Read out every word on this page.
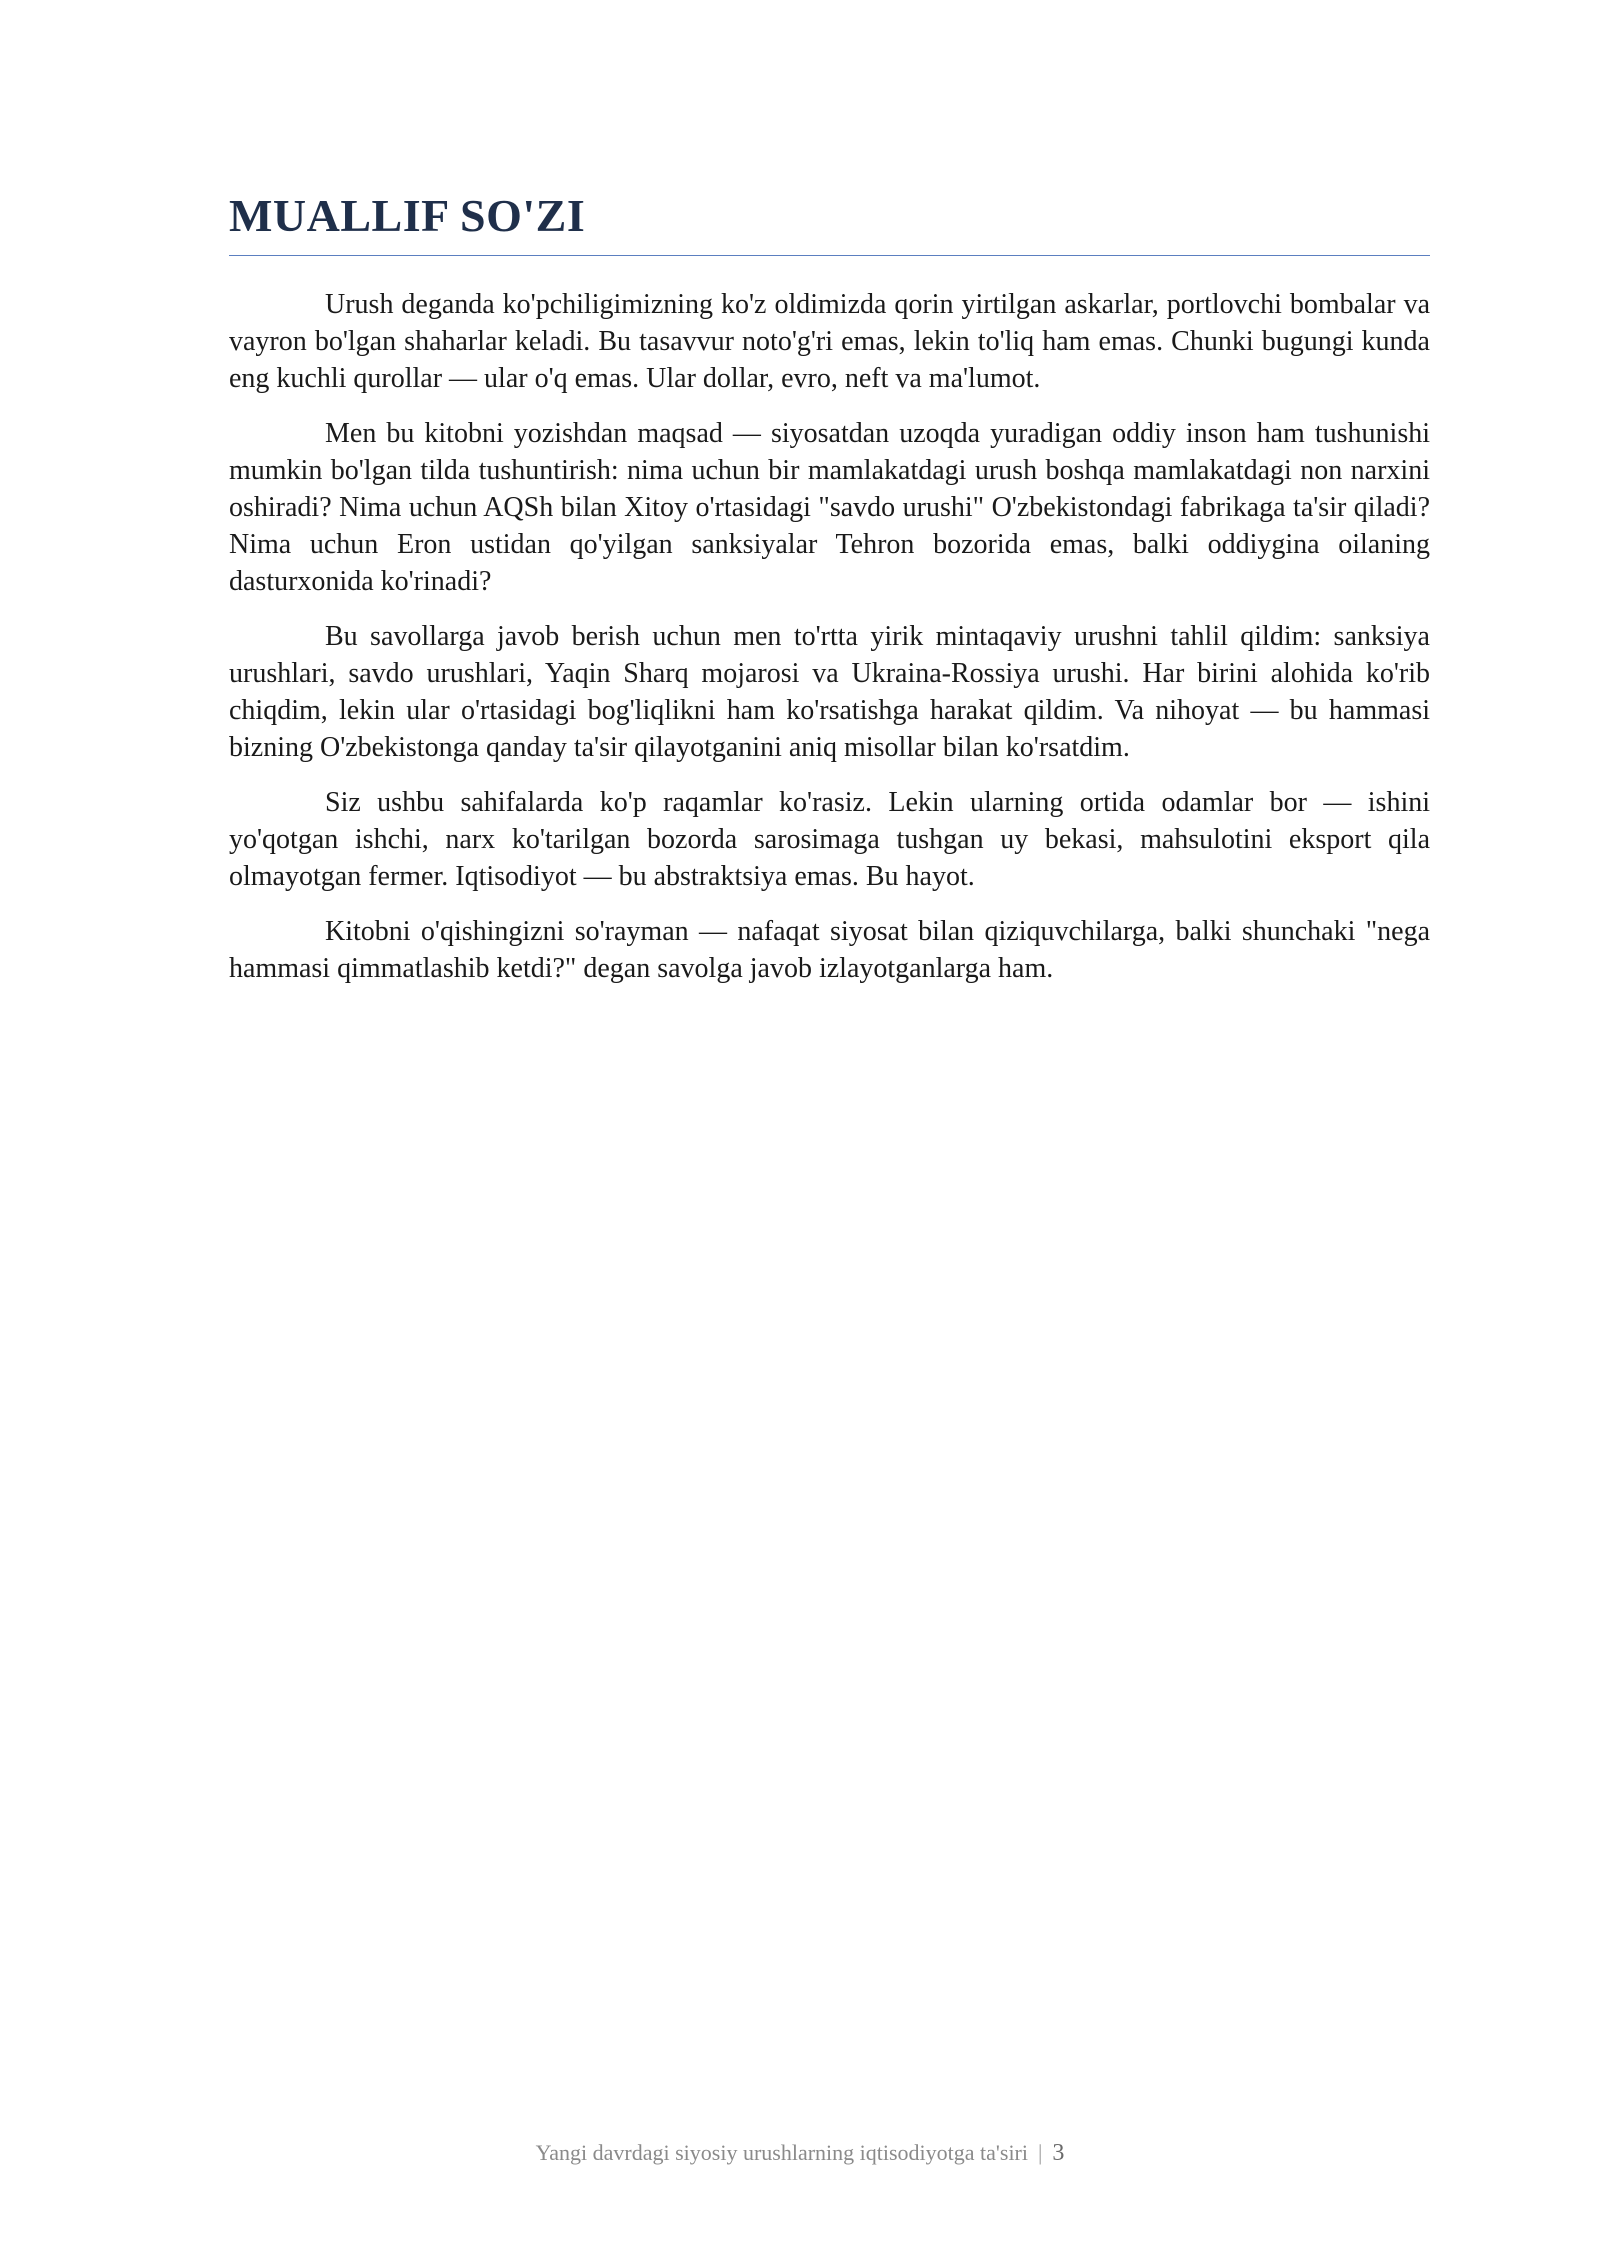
MUALLIF SO'ZI

Urush deganda ko'pchiligimizning ko'z oldimizda qorin yirtilgan askarlar, portlovchi bombalar va vayron bo'lgan shaharlar keladi. Bu tasavvur noto'g'ri emas, lekin to'liq ham emas. Chunki bugungi kunda eng kuchli qurollar — ular o'q emas. Ular dollar, evro, neft va ma'lumot.

Men bu kitobni yozishdan maqsad — siyosatdan uzoqda yuradigan oddiy inson ham tushunishi mumkin bo'lgan tilda tushuntirish: nima uchun bir mamlakatdagi urush boshqa mamlakatdagi non narxini oshiradi? Nima uchun AQSh bilan Xitoy o'rtasidagi "savdo urushi" O'zbekistondagi fabrikaga ta'sir qiladi? Nima uchun Eron ustidan qo'yilgan sanksiyalar Tehron bozorida emas, balki oddiygina oilaning dasturxonida ko'rinadi?

Bu savollarga javob berish uchun men to'rtta yirik mintaqaviy urushni tahlil qildim: sanksiya urushlari, savdo urushlari, Yaqin Sharq mojarosi va Ukraina-Rossiya urushi. Har birini alohida ko'rib chiqdim, lekin ular o'rtasidagi bog'liqlikni ham ko'rsatishga harakat qildim. Va nihoyat — bu hammasi bizning O'zbekistonga qanday ta'sir qilayotganini aniq misollar bilan ko'rsatdim.

Siz ushbu sahifalarda ko'p raqamlar ko'rasiz. Lekin ularning ortida odamlar bor — ishini yo'qotgan ishchi, narx ko'tarilgan bozorda sarosimaga tushgan uy bekasi, mahsulotini eksport qila olmayotgan fermer. Iqtisodiyot — bu abstraktsiya emas. Bu hayot.

Kitobni o'qishingizni so'rayman — nafaqat siyosat bilan qiziquvchilarga, balki shunchaki "nega hammasi qimmatlashib ketdi?" degan savolga javob izlayotganlarga ham.

Yangi davrdagi siyosiy urushlarning iqtisodiyotga ta'siri | 3
